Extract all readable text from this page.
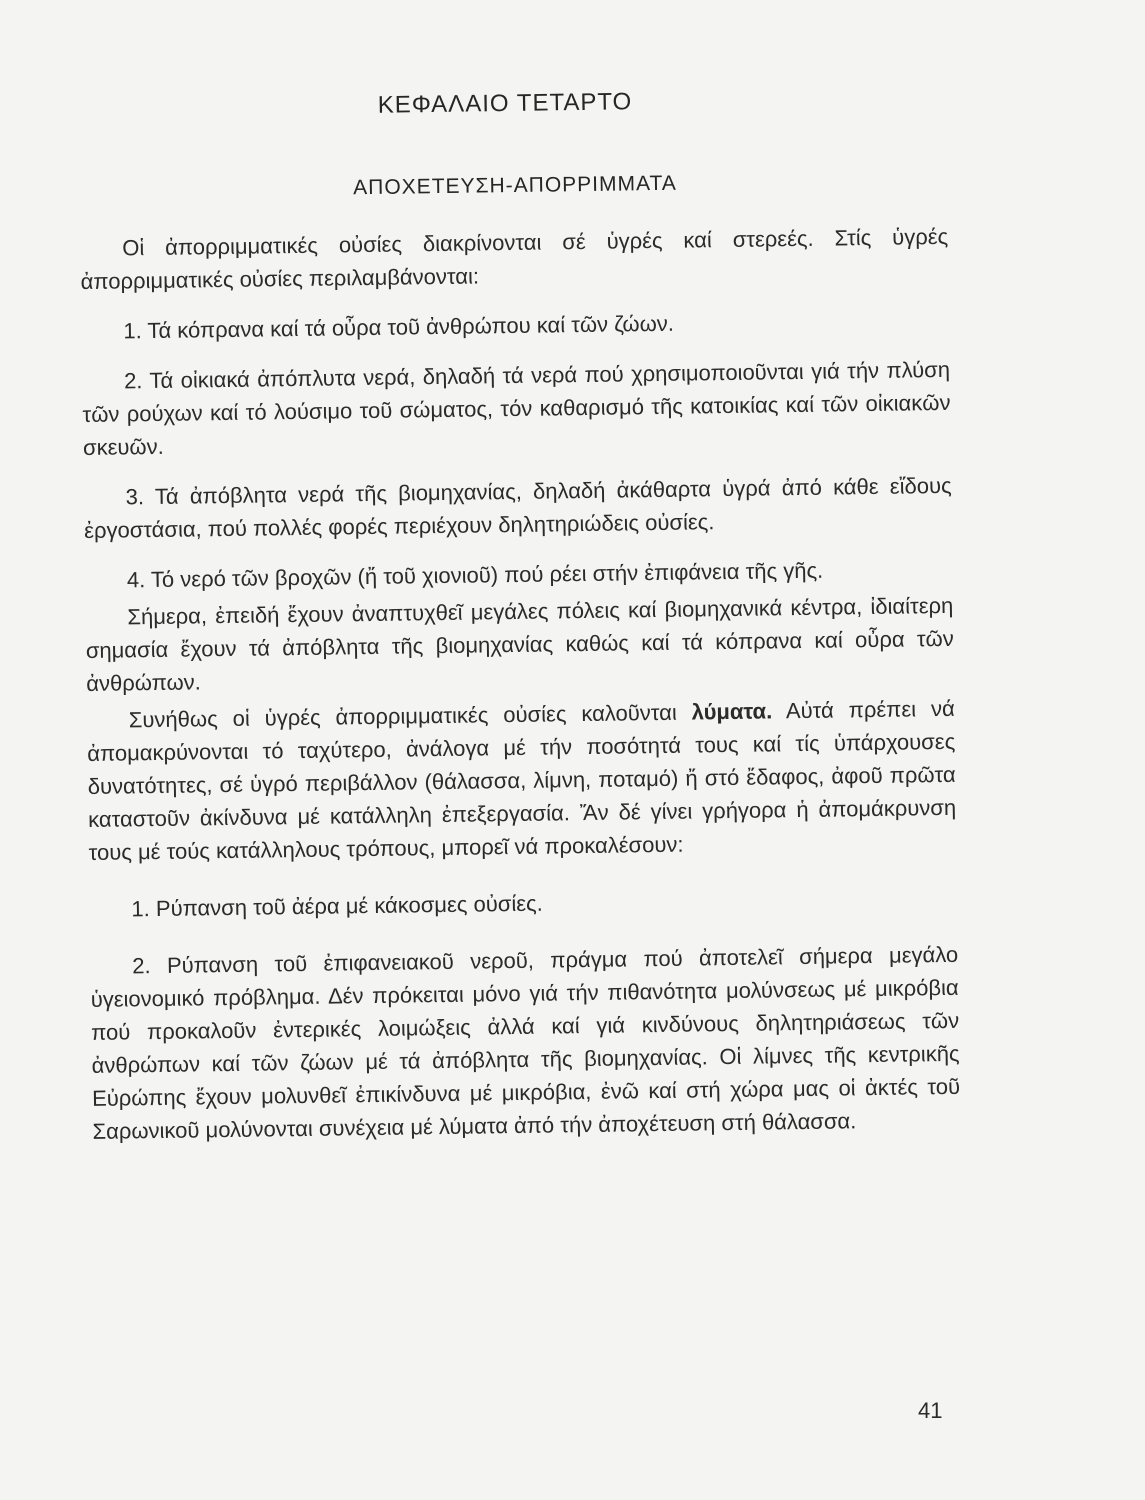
ΚΕΦΑΛΑΙΟ ΤΕΤΑΡΤΟ
ΑΠΟΧΕΤΕΥΣΗ-ΑΠΟΡΡΙΜΜΑΤΑ

Οἱ ἀπορριμματικές οὐσίες διακρίνονται σέ ὑγρές καί στερεές. Στίς ὑγρές ἀπορριμματικές οὐσίες περιλαμβάνονται:

1. Τά κόπρανα καί τά οὖρα τοῦ ἀνθρώπου καί τῶν ζώων.

2. Τά οἰκιακά ἀπόπλυτα νερά, δηλαδή τά νερά πού χρησιμοποιοῦνται γιά τήν πλύση τῶν ρούχων καί τό λούσιμο τοῦ σώματος, τόν καθαρισμό τῆς κατοικίας καί τῶν οἰκιακῶν σκευῶν.

3. Τά ἀπόβλητα νερά τῆς βιομηχανίας, δηλαδή ἀκάθαρτα ὑγρά ἀπό κάθε εἴδους ἐργοστάσια, πού πολλές φορές περιέχουν δηλητηριώδεις οὐσίες.

4. Τό νερό τῶν βροχῶν (ἤ τοῦ χιονιοῦ) πού ρέει στήν ἐπιφάνεια τῆς γῆς.

Σήμερα, ἐπειδή ἔχουν ἀναπτυχθεῖ μεγάλες πόλεις καί βιομηχανικά κέντρα, ἰδιαίτερη σημασία ἔχουν τά ἀπόβλητα τῆς βιομηχανίας καθώς καί τά κόπρανα καί οὖρα τῶν ἀνθρώπων.

Συνήθως οἱ ὑγρές ἀπορριμματικές οὐσίες καλοῦνται λύματα. Αὐτά πρέπει νά ἀπομακρύνονται τό ταχύτερο, ἀνάλογα μέ τήν ποσότητά τους καί τίς ὑπάρχουσες δυνατότητες, σέ ὑγρό περιβάλλον (θάλασσα, λίμνη, ποταμό) ἤ στό ἔδαφος, ἀφοῦ πρῶτα καταστοῦν ἀκίνδυνα μέ κατάλληλη ἐπεξεργασία. Ἄν δέ γίνει γρήγορα ἡ ἀπομάκρυνση τους μέ τούς κατάλληλους τρόπους, μπορεῖ νά προκαλέσουν:

1. Ρύπανση τοῦ ἀέρα μέ κάκοσμες οὐσίες.

2. Ρύπανση τοῦ ἐπιφανειακοῦ νεροῦ, πράγμα πού ἀποτελεῖ σήμερα μεγάλο ὑγειονομικό πρόβλημα. Δέν πρόκειται μόνο γιά τήν πιθανότητα μολύνσεως μέ μικρόβια πού προκαλοῦν ἐντερικές λοιμώξεις ἀλλά καί γιά κινδύνους δηλητηριάσεως τῶν ἀνθρώπων καί τῶν ζώων μέ τά ἀπόβλητα τῆς βιομηχανίας. Οἱ λίμνες τῆς κεντρικῆς Εὐρώπης ἔχουν μολυνθεῖ ἐπικίνδυνα μέ μικρόβια, ἐνῶ καί στή χώρα μας οἱ ἀκτές τοῦ Σαρωνικοῦ μολύνονται συνέχεια μέ λύματα ἀπό τήν ἀποχέτευση στή θάλασσα.

41
